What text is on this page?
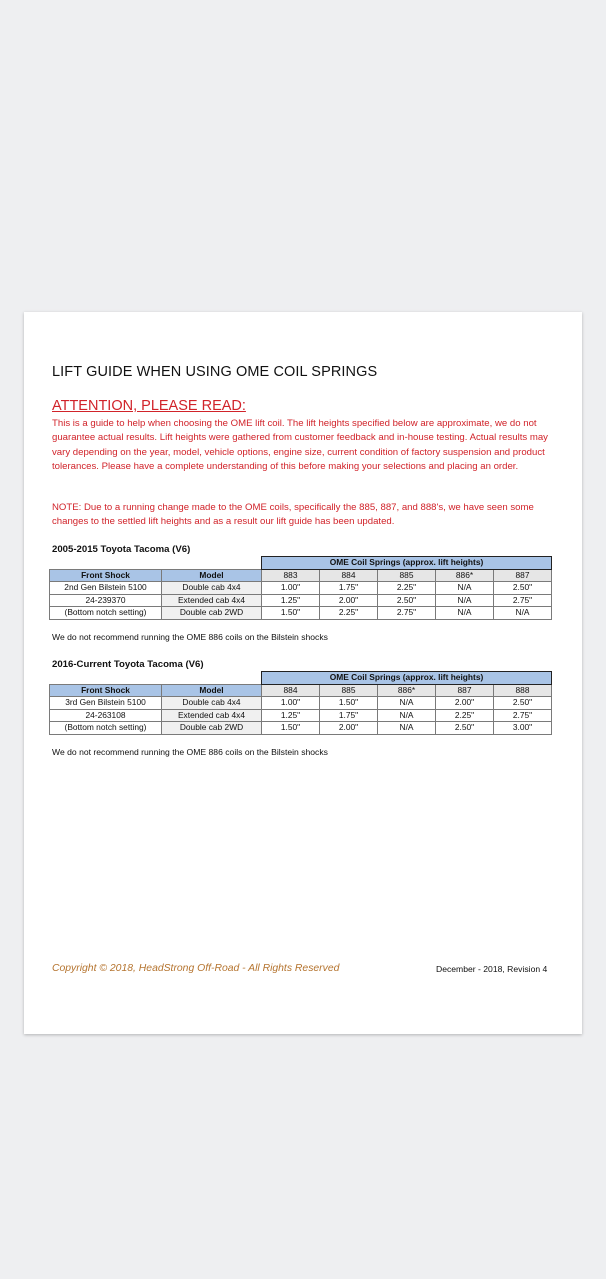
LIFT GUIDE WHEN USING OME COIL SPRINGS
ATTENTION, PLEASE READ:
This is a guide to help when choosing the OME lift coil. The lift heights specified below are approximate, we do not guarantee actual results. Lift heights were gathered from customer feedback and in-house testing. Actual results may vary depending on the year, model, vehicle options, engine size, current condition of factory suspension and product tolerances. Please have a complete understanding of this before making your selections and placing an order.
NOTE: Due to a running change made to the OME coils, specifically the 885, 887, and 888's, we have seen some changes to the settled lift heights and as a result our lift guide has been updated.
2005-2015 Toyota Tacoma (V6)
		OME Coil Springs (approx. lift heights)				
Front Shock	Model	883	884	885	886*	887
2nd Gen Bilstein 5100	Double cab 4x4	1.00"	1.75"	2.25"	N/A	2.50"
24-239370	Extended cab 4x4	1.25"	2.00"	2.50"	N/A	2.75"
(Bottom notch setting)	Double cab 2WD	1.50"	2.25"	2.75"	N/A	N/A
We do not recommend running the OME 886 coils on the Bilstein shocks
2016-Current Toyota Tacoma (V6)
		OME Coil Springs (approx. lift heights)				
Front Shock	Model	884	885	886*	887	888
3rd Gen Bilstein 5100	Double cab 4x4	1.00"	1.50"	N/A	2.00"	2.50"
24-263108	Extended cab 4x4	1.25"	1.75"	N/A	2.25"	2.75"
(Bottom notch setting)	Double cab 2WD	1.50"	2.00"	N/A	2.50"	3.00"
We do not recommend running the OME 886 coils on the Bilstein shocks
Copyright © 2018, HeadStrong Off-Road - All Rights Reserved	December - 2018, Revision 4
